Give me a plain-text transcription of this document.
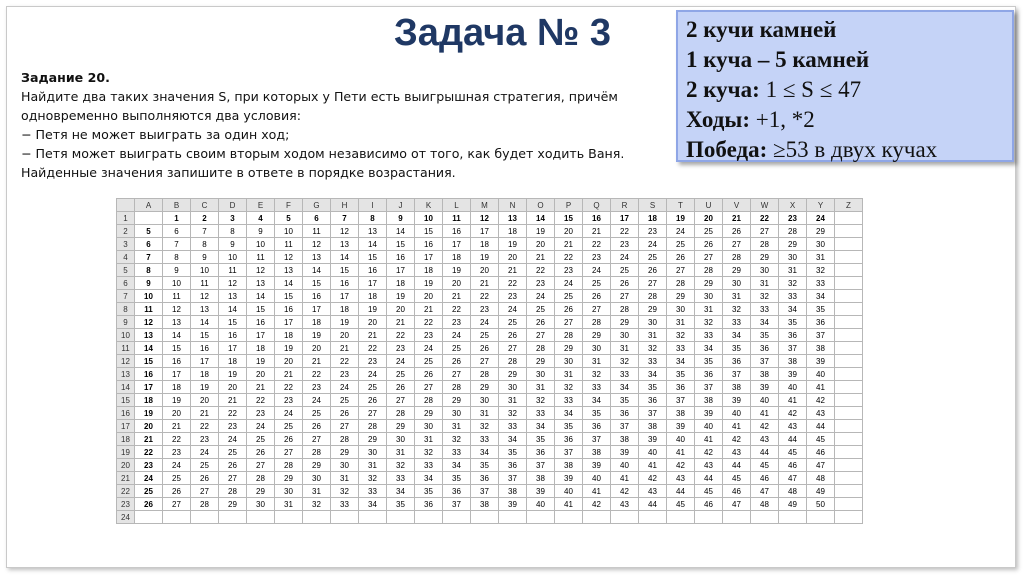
Задача № 3	2 кучи камней
1 куча – 5 камней
2 куча: 1 ≤ S ≤ 47
Ходы: +1, *2
Победа: ≥53 в двух кучах
Задание 20.
Найдите два таких значения S, при которых у Пети есть выигрышная стратегия, причём
одновременно выполняются два условия:
− Петя не может выиграть за один ход;
− Петя может выиграть своим вторым ходом независимо от того, как будет ходить Ваня.
Найденные значения запишите в ответе в порядке возрастания.
	A	B	C	D	E	F	G	H	I	J	K	L	M	N	O	P	Q	R	S	T	U	V	W	X	Y	Z
1		1	2	3	4	5	6	7	8	9	10	11	12	13	14	15	16	17	18	19	20	21	22	23	24	
2	5	6	7	8	9	10	11	12	13	14	15	16	17	18	19	20	21	22	23	24	25	26	27	28	29	
3	6	7	8	9	10	11	12	13	14	15	16	17	18	19	20	21	22	23	24	25	26	27	28	29	30	
4	7	8	9	10	11	12	13	14	15	16	17	18	19	20	21	22	23	24	25	26	27	28	29	30	31	
5	8	9	10	11	12	13	14	15	16	17	18	19	20	21	22	23	24	25	26	27	28	29	30	31	32	
6	9	10	11	12	13	14	15	16	17	18	19	20	21	22	23	24	25	26	27	28	29	30	31	32	33	
7	10	11	12	13	14	15	16	17	18	19	20	21	22	23	24	25	26	27	28	29	30	31	32	33	34	
8	11	12	13	14	15	16	17	18	19	20	21	22	23	24	25	26	27	28	29	30	31	32	33	34	35	
9	12	13	14	15	16	17	18	19	20	21	22	23	24	25	26	27	28	29	30	31	32	33	34	35	36	
10	13	14	15	16	17	18	19	20	21	22	23	24	25	26	27	28	29	30	31	32	33	34	35	36	37	
11	14	15	16	17	18	19	20	21	22	23	24	25	26	27	28	29	30	31	32	33	34	35	36	37	38	
12	15	16	17	18	19	20	21	22	23	24	25	26	27	28	29	30	31	32	33	34	35	36	37	38	39	
13	16	17	18	19	20	21	22	23	24	25	26	27	28	29	30	31	32	33	34	35	36	37	38	39	40	
14	17	18	19	20	21	22	23	24	25	26	27	28	29	30	31	32	33	34	35	36	37	38	39	40	41	
15	18	19	20	21	22	23	24	25	26	27	28	29	30	31	32	33	34	35	36	37	38	39	40	41	42	
16	19	20	21	22	23	24	25	26	27	28	29	30	31	32	33	34	35	36	37	38	39	40	41	42	43	
17	20	21	22	23	24	25	26	27	28	29	30	31	32	33	34	35	36	37	38	39	40	41	42	43	44	
18	21	22	23	24	25	26	27	28	29	30	31	32	33	34	35	36	37	38	39	40	41	42	43	44	45	
19	22	23	24	25	26	27	28	29	30	31	32	33	34	35	36	37	38	39	40	41	42	43	44	45	46	
20	23	24	25	26	27	28	29	30	31	32	33	34	35	36	37	38	39	40	41	42	43	44	45	46	47	
21	24	25	26	27	28	29	30	31	32	33	34	35	36	37	38	39	40	41	42	43	44	45	46	47	48	
22	25	26	27	28	29	30	31	32	33	34	35	36	37	38	39	40	41	42	43	44	45	46	47	48	49	
23	26	27	28	29	30	31	32	33	34	35	36	37	38	39	40	41	42	43	44	45	46	47	48	49	50	
24																										
